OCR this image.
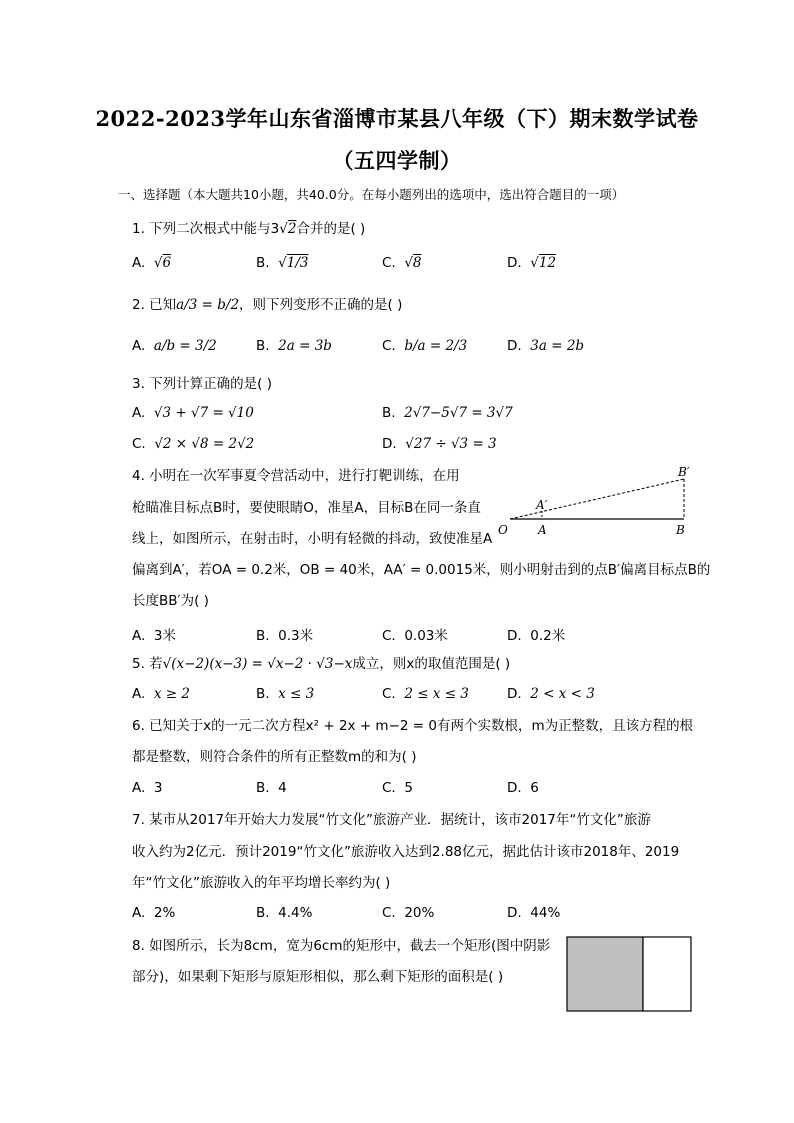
2022-2023学年山东省淄博市某县八年级（下）期末数学试卷
（五四学制）
一、选择题（本大题共10小题，共40.0分。在每小题列出的选项中，选出符合题目的一项）
1. 下列二次根式中能与3√2合并的是( )
A. √6	B. √1/3	C. √8	D. √12
2. 已知a/3 = b/2，则下列变形不正确的是( )
A. a/b = 3/2	B. 2a = 3b	C. b/a = 2/3	D. 3a = 2b
3. 下列计算正确的是( )
A. √3 + √7 = √10	B. 2√7−5√7 = 3√7
C. √2 × √8 = 2√2	D. √27 ÷ √3 = 3
4. 小明在一次军事夏令营活动中，进行打靶训练，在用
枪瞄准目标点B时，要使眼睛O，准星A，目标B在同一条直
线上，如图所示，在射击时，小明有轻微的抖动，致使准星A
偏离到A′，若OA = 0.2米，OB = 40米，AA′ = 0.0015米，则小明射击到的点B′偏离目标点B的
长度BB′为( )
B′
A′
O	A	B
A. 3米	B. 0.3米	C. 0.03米	D. 0.2米
5. 若√(x−2)(x−3) = √x−2 · √3−x成立，则x的取值范围是( )
A. x ≥ 2	B. x ≤ 3	C. 2 ≤ x ≤ 3	D. 2 < x < 3
6. 已知关于x的一元二次方程x² + 2x + m−2 = 0有两个实数根，m为正整数，且该方程的根
都是整数，则符合条件的所有正整数m的和为( )
A. 3	B. 4	C. 5	D. 6
7. 某市从2017年开始大力发展“竹文化”旅游产业．据统计，该市2017年“竹文化”旅游
收入约为2亿元．预计2019“竹文化”旅游收入达到2.88亿元，据此估计该市2018年、2019
年“竹文化”旅游收入的年平均增长率约为( )
A. 2%	B. 4.4%	C. 20%	D. 44%
8. 如图所示，长为8cm，宽为6cm的矩形中，截去一个矩形(图中阴影
部分)，如果剩下矩形与原矩形相似，那么剩下矩形的面积是( )
